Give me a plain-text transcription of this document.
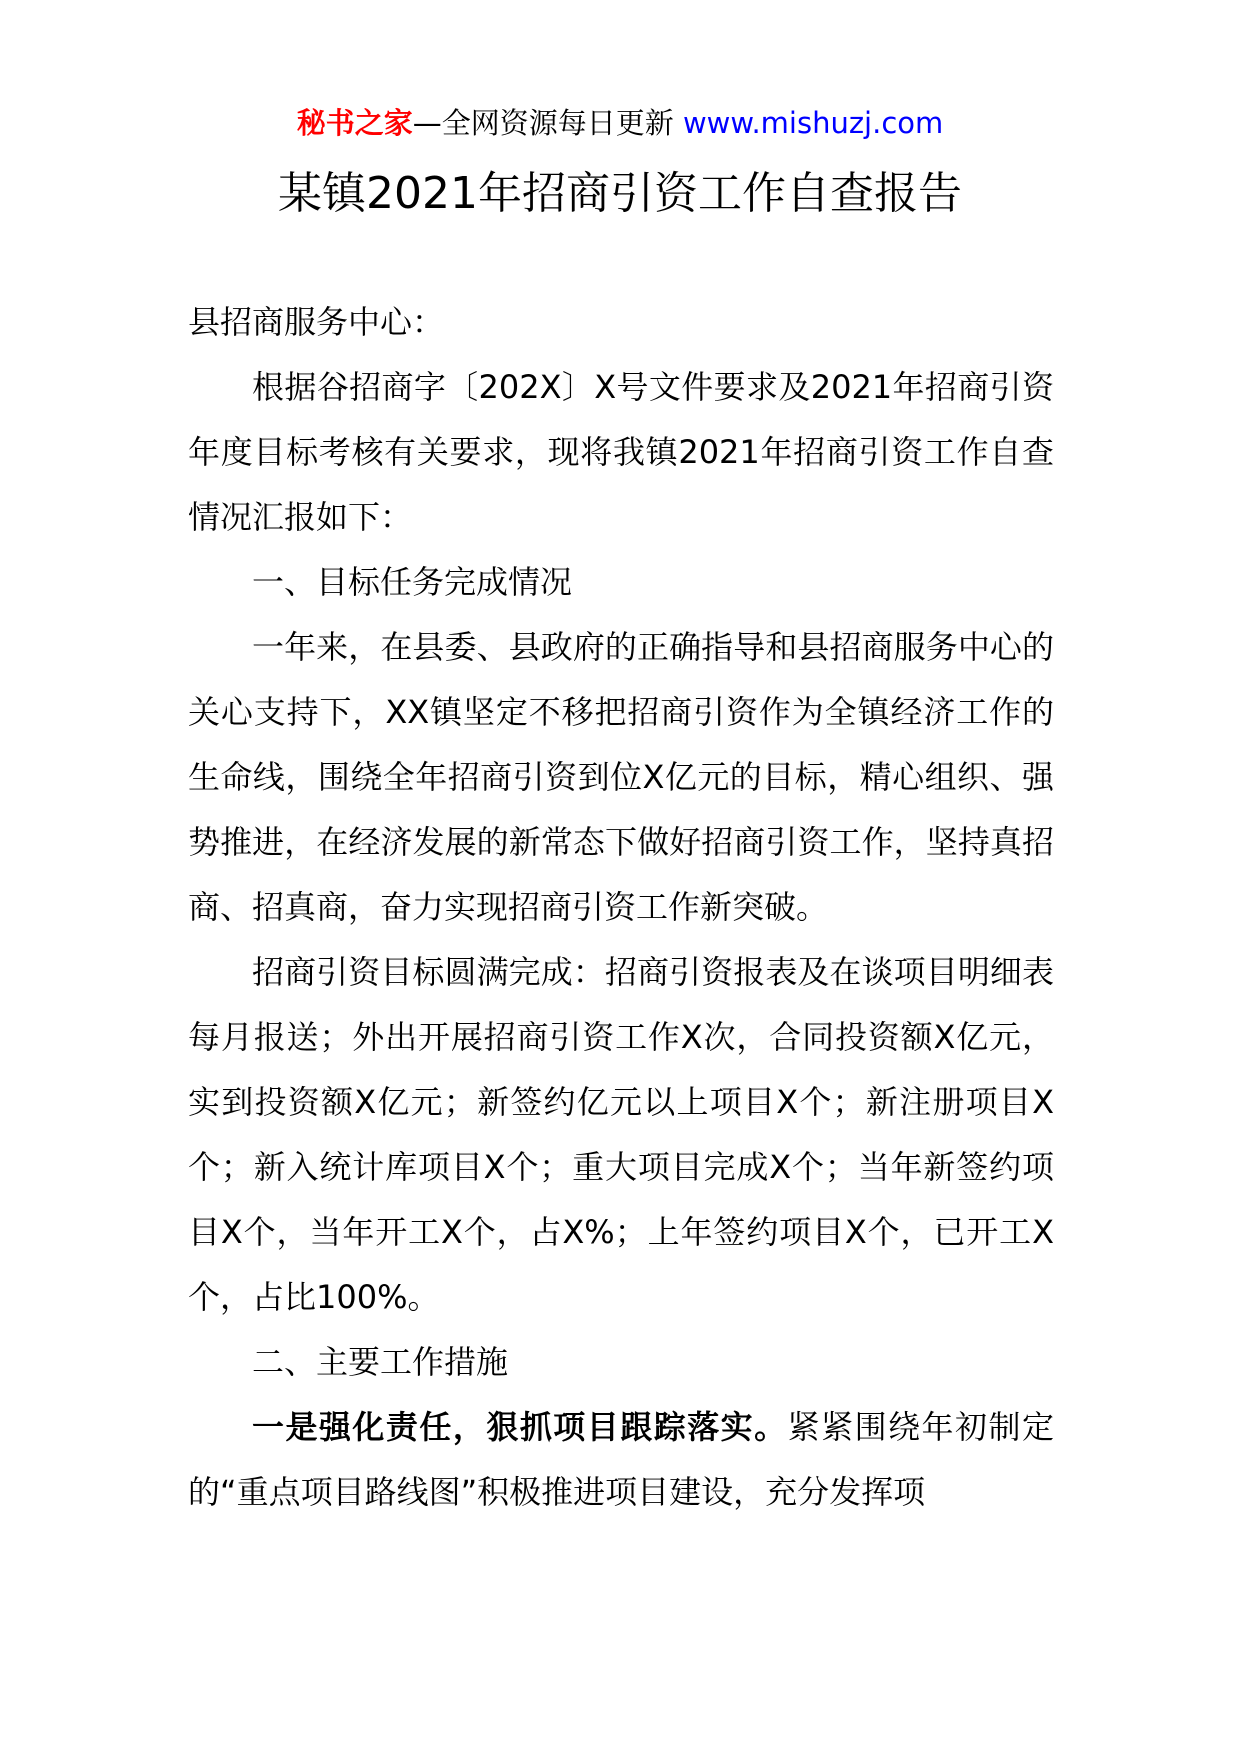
秘书之家—全网资源每日更新 www.mishuzj.com
某镇2021年招商引资工作自查报告

县招商服务中心：

根据谷招商字〔202X〕X号文件要求及2021年招商引资年度目标考核有关要求，现将我镇2021年招商引资工作自查情况汇报如下：

一、目标任务完成情况

一年来，在县委、县政府的正确指导和县招商服务中心的关心支持下，XX镇坚定不移把招商引资作为全镇经济工作的生命线，围绕全年招商引资到位X亿元的目标，精心组织、强势推进，在经济发展的新常态下做好招商引资工作，坚持真招商、招真商，奋力实现招商引资工作新突破。

招商引资目标圆满完成：招商引资报表及在谈项目明细表每月报送；外出开展招商引资工作X次，合同投资额X亿元，实到投资额X亿元；新签约亿元以上项目X个；新注册项目X个；新入统计库项目X个；重大项目完成X个；当年新签约项目X个，当年开工X个，占X%；上年签约项目X个，已开工X个，占比100%。

二、主要工作措施

一是强化责任，狠抓项目跟踪落实。紧紧围绕年初制定的“重点项目路线图”积极推进项目建设，充分发挥项
